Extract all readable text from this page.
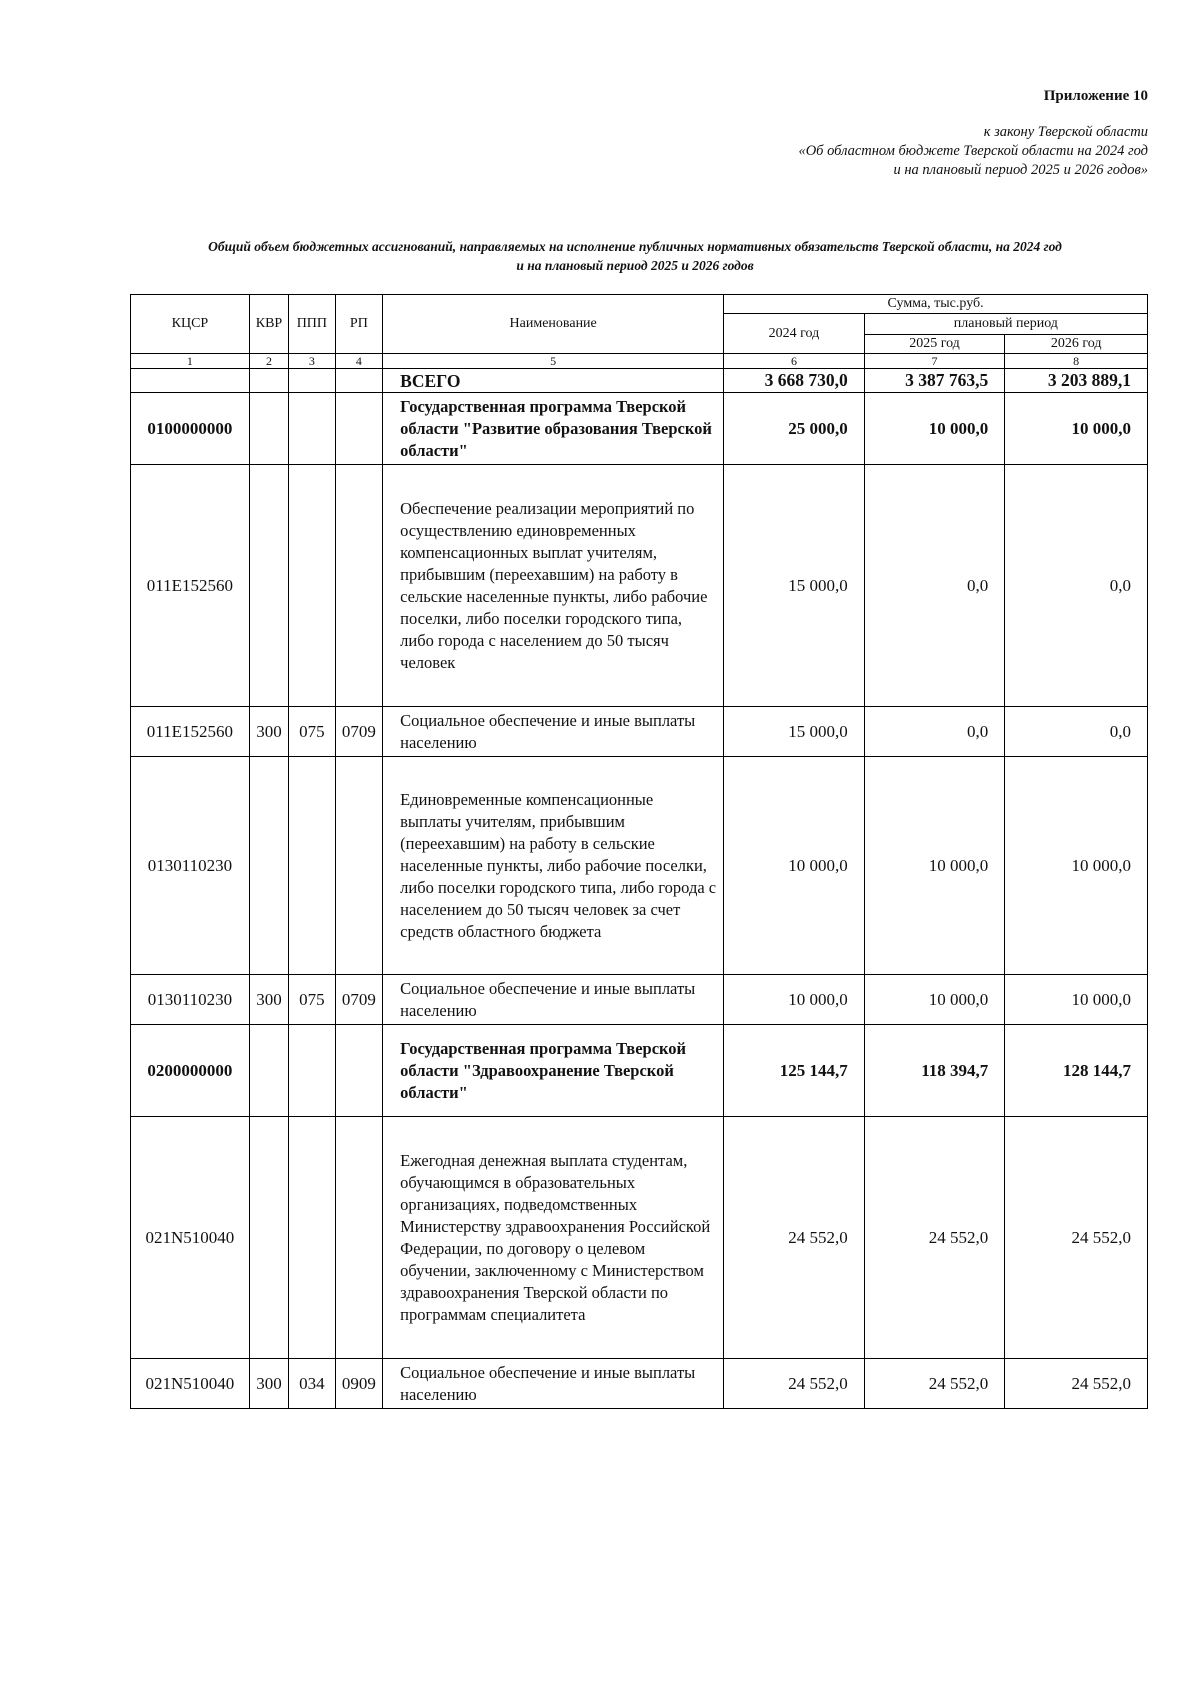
Приложение 10
к закону Тверской области
«Об областном бюджете Тверской области на 2024 год
и на плановый период 2025 и 2026 годов»
Общий объем бюджетных ассигнований, направляемых на исполнение публичных нормативных обязательств Тверской области, на 2024 год
и на плановый период 2025 и 2026 годов
КЦСР	КВР	ППП	РП	Наименование	Сумма, тыс.руб.		
					2024 год	плановый период	
						2025 год	2026 год
1	2	3	4	5	6	7	8
				ВСЕГО	3 668 730,0	3 387 763,5	3 203 889,1
0100000000				Государственная программа Тверской области "Развитие образования Тверской области"	25 000,0	10 000,0	10 000,0
011E152560				Обеспечение реализации мероприятий по осуществлению единовременных компенсационных выплат учителям, прибывшим (переехавшим) на работу в сельские населенные пункты, либо рабочие поселки, либо поселки городского типа, либо города с населением до 50 тысяч человек	15 000,0	0,0	0,0
011E152560	300	075	0709	Социальное обеспечение и иные выплаты населению	15 000,0	0,0	0,0
0130110230				Единовременные компенсационные выплаты учителям, прибывшим (переехавшим) на работу в сельские населенные пункты, либо рабочие поселки, либо поселки городского типа, либо города с населением до 50 тысяч человек за счет средств областного бюджета	10 000,0	10 000,0	10 000,0
0130110230	300	075	0709	Социальное обеспечение и иные выплаты населению	10 000,0	10 000,0	10 000,0
0200000000				Государственная программа Тверской области "Здравоохранение Тверской области"	125 144,7	118 394,7	128 144,7
021N510040				Ежегодная денежная выплата студентам, обучающимся в образовательных организациях, подведомственных Министерству здравоохранения Российской Федерации, по договору о целевом обучении, заключенному с Министерством здравоохранения Тверской области по программам специалитета	24 552,0	24 552,0	24 552,0
021N510040	300	034	0909	Социальное обеспечение и иные выплаты населению	24 552,0	24 552,0	24 552,0
